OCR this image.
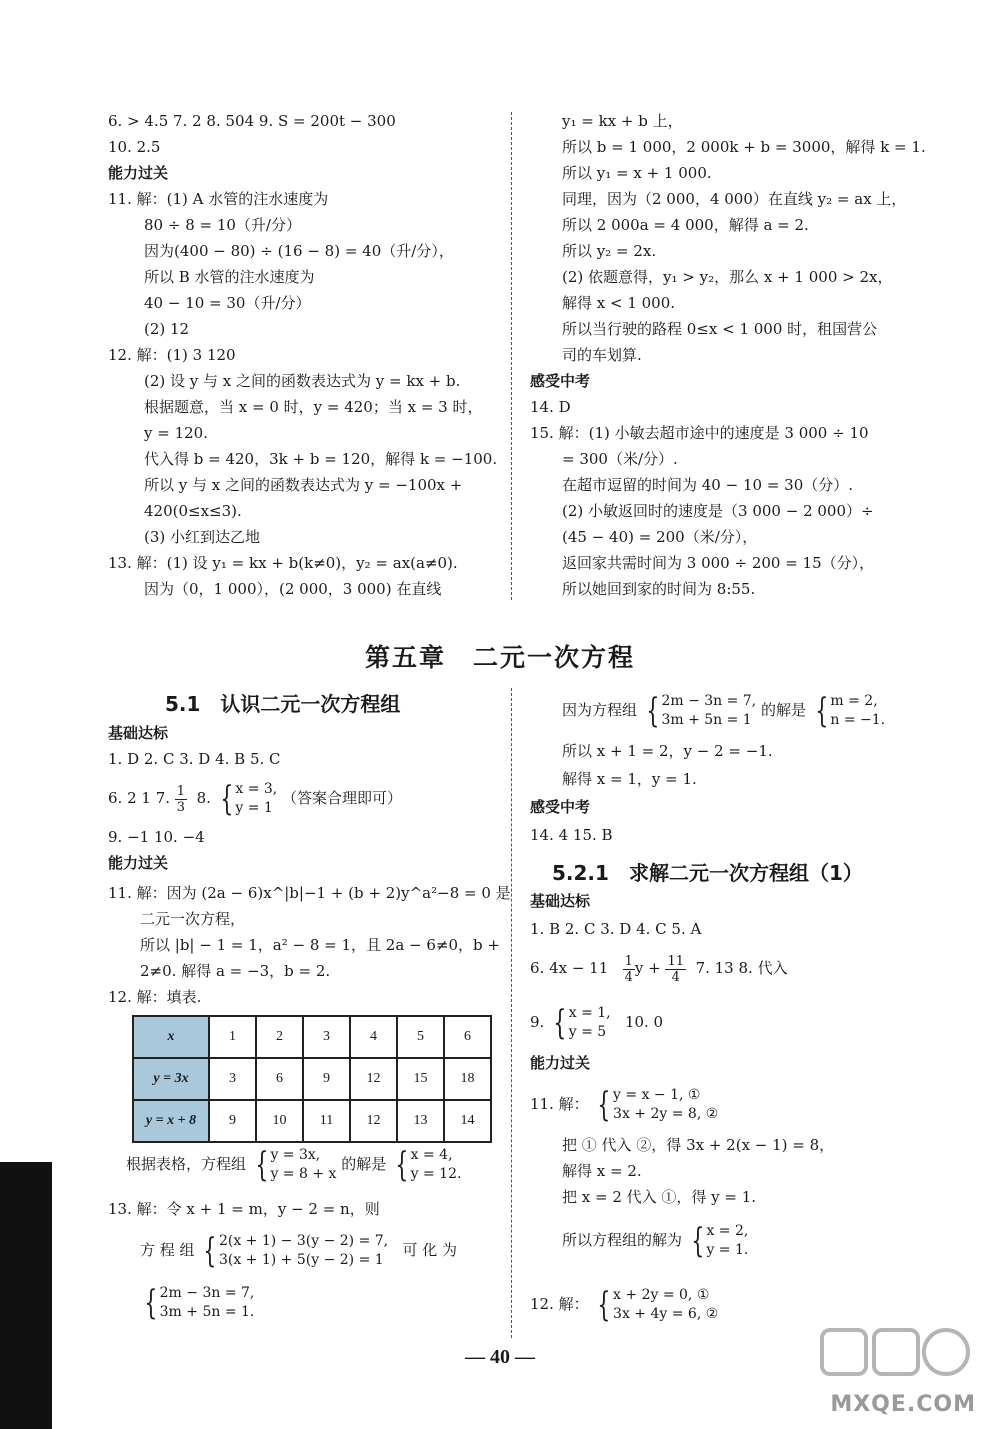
6. > 4.5 7. 2 8. 504 9. S = 200t − 300
10. 2.5
能力过关
11. 解：(1) A 水管的注水速度为
80 ÷ 8 = 10（升/分）
因为(400 − 80) ÷ (16 − 8) = 40（升/分），
所以 B 水管的注水速度为
40 − 10 = 30（升/分）
(2) 12
12. 解：(1) 3 120
(2) 设 y 与 x 之间的函数表达式为 y = kx + b.
根据题意，当 x = 0 时，y = 420；当 x = 3 时，
y = 120.
代入得 b = 420，3k + b = 120，解得 k = −100.
所以 y 与 x 之间的函数表达式为 y = −100x +
420(0≤x≤3).
(3) 小红到达乙地
13. 解：(1) 设 y₁ = kx + b(k≠0)，y₂ = ax(a≠0).
因为（0，1 000），(2 000，3 000) 在直线
y₁ = kx + b 上，
所以 b = 1 000，2 000k + b = 3000，解得 k = 1.
所以 y₁ = x + 1 000.
同理，因为（2 000，4 000）在直线 y₂ = ax 上，
所以 2 000a = 4 000，解得 a = 2.
所以 y₂ = 2x.
(2) 依题意得，y₁ > y₂，那么 x + 1 000 > 2x，
解得 x < 1 000.
所以当行驶的路程 0≤x < 1 000 时，租国营公
司的车划算.
感受中考
14. D
15. 解：(1) 小敏去超市途中的速度是 3 000 ÷ 10
= 300（米/分）.
在超市逗留的时间为 40 − 10 = 30（分）.
(2) 小敏返回时的速度是（3 000 − 2 000）÷
(45 − 40) = 200（米/分），
返回家共需时间为 3 000 ÷ 200 = 15（分），
所以她回到家的时间为 8:55.
第五章　二元一次方程
5.1　认识二元一次方程组
基础达标
1. D 2. C 3. D 4. B 5. C
6. 2 1 7. $\frac{1}{3} 8$. { x = 3,
y = 1
（答案合理即可）
9. −1 10. −4
能力过关
11. 解：因为 (2a − 6)x^|b|−1 + (b + 2)y^a²−8 = 0 是
二元一次方程，
所以 |b| − 1 = 1，a² − 8 = 1，且 2a − 6≠0，b +
2≠0. 解得 a = −3，b = 2.
12. 解：填表.
x	1	2	3	4	5	6
y = 3x	3	6	9	12	15	18
y = x + 8	9	10	11	12	13	14
根据表格，方程组 { y = 3x,
y = 8 + x
的解是 { x = 4,
y = 12.
13. 解：令 x + 1 = m，y − 2 = n，则
方 程 组 { 2(x + 1) − 3(y − 2) = 7,
3(x + 1) + 5(y − 2) = 1
可 化 为
{ 2m − 3n = 7,
3m + 5n = 1.
因为方程组 { 2m − 3n = 7,
3m + 5n = 1
的解是 { m = 2,
n = −1.
所以 x + 1 = 2，y − 2 = −1.
解得 x = 1，y = 1.
感受中考
14. 4 15. B
5.2.1　求解二元一次方程组（1）
基础达标
1. B 2. C 3. D 4. C 5. A
6. $4x - 11 \frac{1}{4}$ $y + \frac{11}{4} 7$. 13 8. 代入
9. { x = 1,
y = 5
10. 0
能力过关
11. 解： { y = x − 1, ①
3x + 2y = 8, ②
把 ① 代入 ②，得 3x + 2(x − 1) = 8，
解得 x = 2.
把 x = 2 代入 ①，得 y = 1.
所以方程组的解为 { x = 2,
y = 1.
12. 解： { x + 2y = 0, ①
3x + 4y = 6, ②
— 40 —
MXQE.COM
